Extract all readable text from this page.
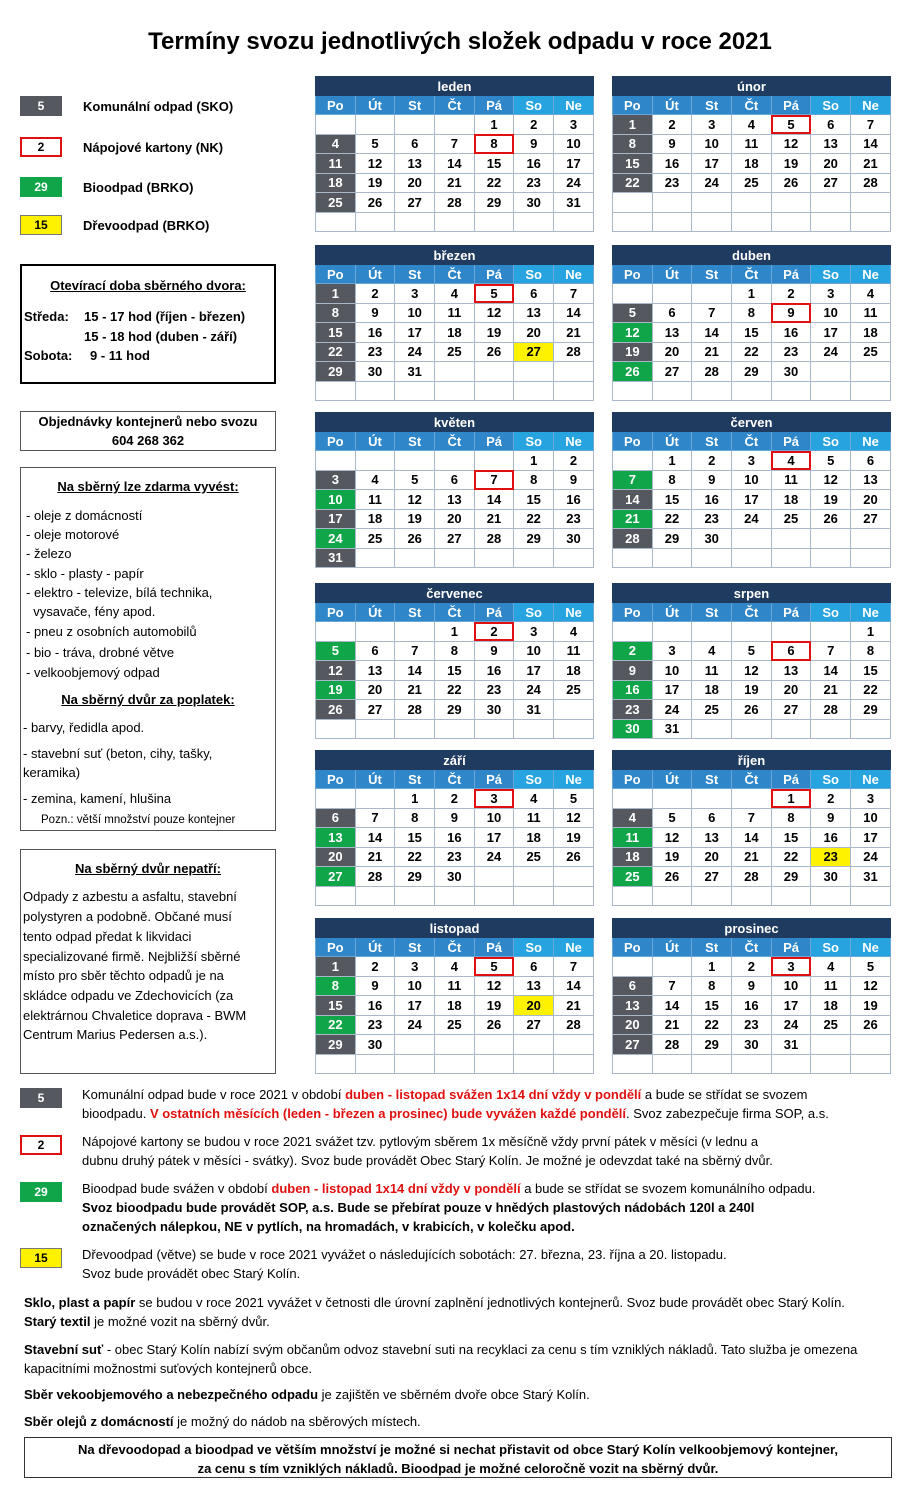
Termíny svozu jednotlivých složek odpadu v roce 2021
5	Komunální odpad (SKO)
2	Nápojové kartony (NK)
29	Bioodpad (BRKO)
15	Dřevoodpad (BRKO)
Otevírací doba sběrného dvora:
Středa: 15 - 17 hod (říjen - březen)
15 - 18 hod (duben - září)
Sobota: 9 - 11 hod
Objednávky kontejnerů nebo svozu
604 268 362
Na sběrný lze zdarma vyvést:
- oleje z domácností
- oleje motorové
- železo
- sklo - plasty - papír
- elektro - televize, bílá technika,
vysavače, fény apod.
- pneu z osobních automobilů
- bio - tráva, drobné větve
- velkoobjemový odpad
Na sběrný dvůr za poplatek:
- barvy, ředidla apod.
- stavební suť (beton, cihy, tašky,
keramika)
- zemina, kamení, hlušina
Pozn.: větší množství pouze kontejner
Na sběrný dvůr nepatří:
Odpady z azbestu a asfaltu, stavební
polystyren a podobně. Občané musí
tento odpad předat k likvidaci
specializované firmě. Nejbližší sběrné
místo pro sběr těchto odpadů je na
skládce odpadu ve Zdechovicích (za
elektrárnou Chvaletice doprava - BWM
Centrum Marius Pedersen a.s.).
leden						
Po	Út	St	Čt	Pá	So	Ne
				1	2	3
4	5	6	7	8	9	10
11	12	13	14	15	16	17
18	19	20	21	22	23	24
25	26	27	28	29	30	31

únor						
Po	Út	St	Čt	Pá	So	Ne
1	2	3	4	5	6	7
8	9	10	11	12	13	14
15	16	17	18	19	20	21
22	23	24	25	26	27	28

březen						
Po	Út	St	Čt	Pá	So	Ne
1	2	3	4	5	6	7
8	9	10	11	12	13	14
15	16	17	18	19	20	21
22	23	24	25	26	27	28
29	30	31				

duben						
Po	Út	St	Čt	Pá	So	Ne
			1	2	3	4
5	6	7	8	9	10	11
12	13	14	15	16	17	18
19	20	21	22	23	24	25
26	27	28	29	30		

květen						
Po	Út	St	Čt	Pá	So	Ne
					1	2
3	4	5	6	7	8	9
10	11	12	13	14	15	16
17	18	19	20	21	22	23
24	25	26	27	28	29	30
31						
červen						
Po	Út	St	Čt	Pá	So	Ne
	1	2	3	4	5	6
7	8	9	10	11	12	13
14	15	16	17	18	19	20
21	22	23	24	25	26	27
28	29	30				

červenec						
Po	Út	St	Čt	Pá	So	Ne
			1	2	3	4
5	6	7	8	9	10	11
12	13	14	15	16	17	18
19	20	21	22	23	24	25
26	27	28	29	30	31	

srpen						
Po	Út	St	Čt	Pá	So	Ne
						1
2	3	4	5	6	7	8
9	10	11	12	13	14	15
16	17	18	19	20	21	22
23	24	25	26	27	28	29
30	31					
září						
Po	Út	St	Čt	Pá	So	Ne
		1	2	3	4	5
6	7	8	9	10	11	12
13	14	15	16	17	18	19
20	21	22	23	24	25	26
27	28	29	30			

říjen						
Po	Út	St	Čt	Pá	So	Ne
				1	2	3
4	5	6	7	8	9	10
11	12	13	14	15	16	17
18	19	20	21	22	23	24
25	26	27	28	29	30	31

listopad						
Po	Út	St	Čt	Pá	So	Ne
1	2	3	4	5	6	7
8	9	10	11	12	13	14
15	16	17	18	19	20	21
22	23	24	25	26	27	28
29	30					

prosinec						
Po	Út	St	Čt	Pá	So	Ne
		1	2	3	4	5
6	7	8	9	10	11	12
13	14	15	16	17	18	19
20	21	22	23	24	25	26
27	28	29	30	31		

5	Komunální odpad bude v roce 2021 v období duben - listopad svážen 1x14 dní vždy v pondělí a bude se střídat se svozem
bioodpadu. V ostatních měsících (leden - březen a prosinec) bude vyvážen každé pondělí. Svoz zabezpečuje firma SOP, a.s.
2	Nápojové kartony se budou v roce 2021 svážet tzv. pytlovým sběrem 1x měsíčně vždy první pátek v měsíci (v lednu a
dubnu druhý pátek v měsíci - svátky). Svoz bude provádět Obec Starý Kolín. Je možné je odevzdat také na sběrný dvůr.
29	Bioodpad bude svážen v období duben - listopad 1x14 dní vždy v pondělí a bude se střídat se svozem komunálního odpadu.
Svoz bioodpadu bude provádět SOP, a.s. Bude se přebírat pouze v hnědých plastových nádobách 120l a 240l
označených nálepkou, NE v pytlích, na hromadách, v krabicích, v kolečku apod.
15	Dřevoodpad (větve) se bude v roce 2021 vyvážet o následujících sobotách: 27. března, 23. října a 20. listopadu.
Svoz bude provádět obec Starý Kolín.
Sklo, plast a papír se budou v roce 2021 vyvážet v četnosti dle úrovní zaplnění jednotlivých kontejnerů. Svoz bude provádět obec Starý Kolín.
Starý textil je možné vozit na sběrný dvůr.
Stavební suť - obec Starý Kolín nabízí svým občanům odvoz stavební suti na recyklaci za cenu s tím vzniklých nákladů. Tato služba je omezena kapacitními možnostmi suťových kontejnerů obce.
Sběr vekoobjemového a nebezpečného odpadu je zajištěn ve sběrném dvoře obce Starý Kolín.
Sběr olejů z domácností je možný do nádob na sběrových místech.
Na dřevoodopad a bioodpad ve větším množství je možné si nechat přistavit od obce Starý Kolín velkoobjemový kontejner,
za cenu s tím vzniklých nákladů. Bioodpad je možné celoročně vozit na sběrný dvůr.
